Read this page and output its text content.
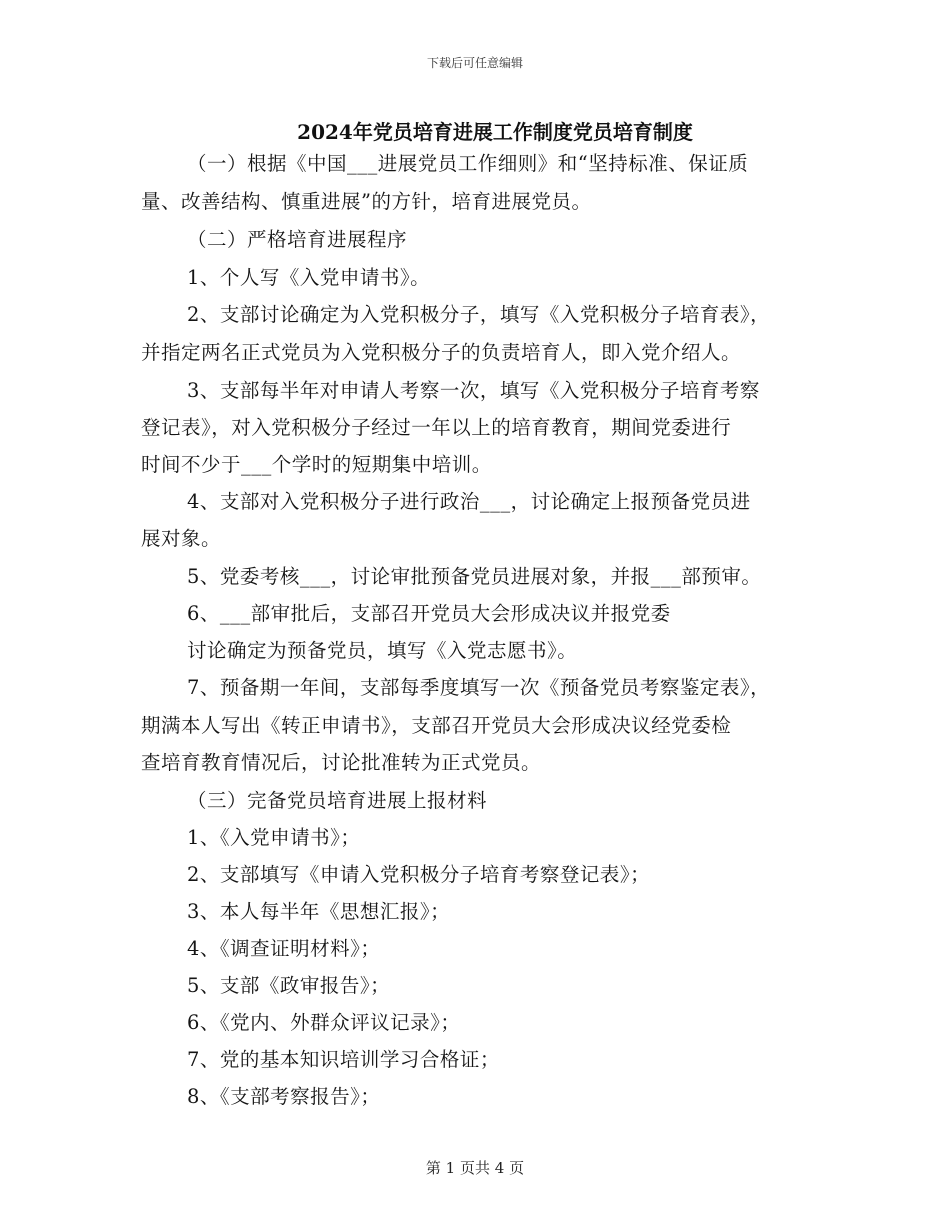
下载后可任意编辑
2024年党员培育进展工作制度党员培育制度
（一）根据《中国___进展党员工作细则》和“坚持标准、保证质
量、改善结构、慎重进展”的方针，培育进展党员。
（二）严格培育进展程序
1、个人写《入党申请书》。
2、支部讨论确定为入党积极分子，填写《入党积极分子培育表》，
并指定两名正式党员为入党积极分子的负责培育人，即入党介绍人。
3、支部每半年对申请人考察一次，填写《入党积极分子培育考察
登记表》，对入党积极分子经过一年以上的培育教育，期间党委进行
时间不少于___个学时的短期集中培训。
4、支部对入党积极分子进行政治___，讨论确定上报预备党员进
展对象。
5、党委考核___，讨论审批预备党员进展对象，并报___部预审。
6、___部审批后，支部召开党员大会形成决议并报党委
讨论确定为预备党员，填写《入党志愿书》。
7、预备期一年间，支部每季度填写一次《预备党员考察鉴定表》，
期满本人写出《转正申请书》，支部召开党员大会形成决议经党委检
查培育教育情况后，讨论批准转为正式党员。
（三）完备党员培育进展上报材料
1、《入党申请书》；
2、支部填写《申请入党积极分子培育考察登记表》；
3、本人每半年《思想汇报》；
4、《调查证明材料》；
5、支部《政审报告》；
6、《党内、外群众评议记录》；
7、党的基本知识培训学习合格证；
8、《支部考察报告》；
第 1 页共 4 页
